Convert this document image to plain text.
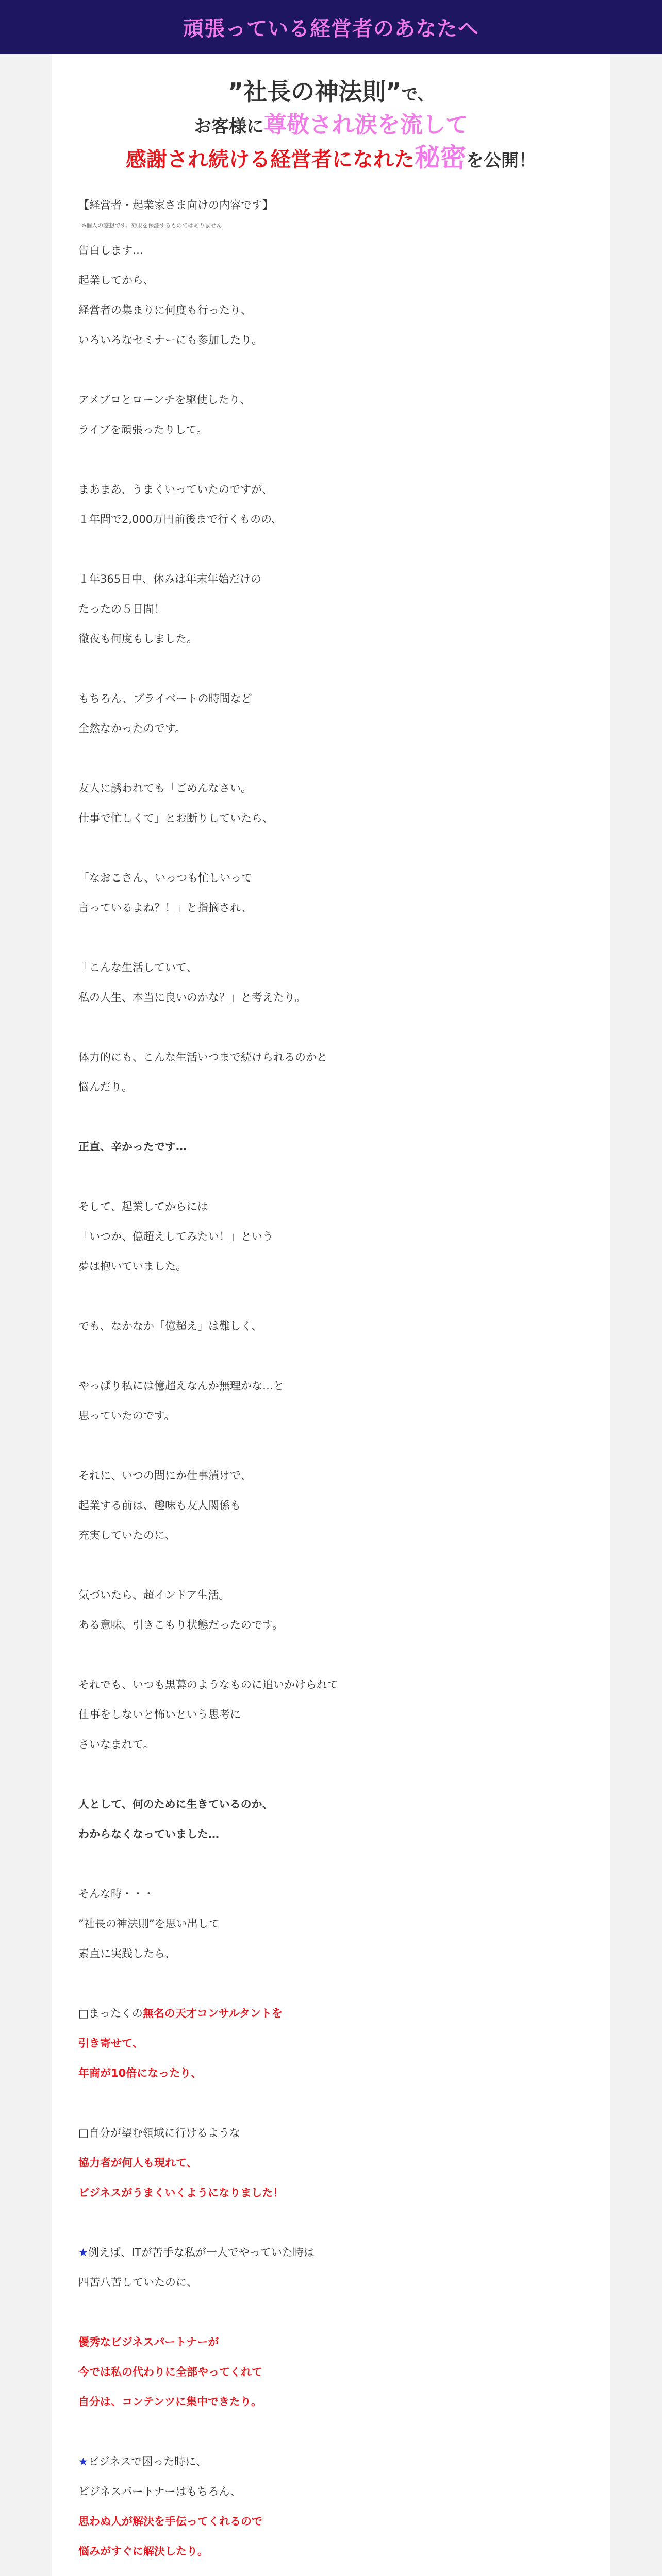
頑張っている経営者のあなたへ
”社長の神法則”で、
お客様に尊敬され涙を流して
感謝され続ける経営者になれた秘密を公開！
【経営者・起業家さま向けの内容です】
※個人の感想です。効果を保証するものではありません

告白します…

起業してから、

経営者の集まりに何度も行ったり、

いろいろなセミナーにも参加したり。

アメブロとローンチを駆使したり、

ライブを頑張ったりして。

まあまあ、うまくいっていたのですが、

１年間で2,000万円前後まで行くものの、

１年365日中、休みは年末年始だけの

たったの５日間！

徹夜も何度もしました。

もちろん、プライベートの時間など

全然なかったのです。

友人に誘われても「ごめんなさい。

仕事で忙しくて」とお断りしていたら、

「なおこさん、いっつも忙しいって

言っているよね？！」と指摘され、

「こんな生活していて、

私の人生、本当に良いのかな？」と考えたり。

体力的にも、こんな生活いつまで続けられるのかと

悩んだり。

正直、辛かったです…

そして、起業してからには

「いつか、億超えしてみたい！」という

夢は抱いていました。

でも、なかなか「億超え」は難しく、

やっぱり私には億超えなんか無理かな…と

思っていたのです。

それに、いつの間にか仕事漬けで、

起業する前は、趣味も友人関係も

充実していたのに、

気づいたら、超インドア生活。

ある意味、引きこもり状態だったのです。

それでも、いつも黒幕のようなものに追いかけられて

仕事をしないと怖いという思考に

さいなまれて。

人として、何のために生きているのか、

わからなくなっていました…

そんな時・・・

”社長の神法則”を思い出して

素直に実践したら、

□まったくの無名の天才コンサルタントを

引き寄せて、

年商が10倍になったり、

□自分が望む領域に行けるような

協力者が何人も現れて、

ビジネスがうまくいくようになりました！

★例えば、ITが苦手な私が一人でやっていた時は

四苦八苦していたのに、

優秀なビジネスパートナーが

今では私の代わりに全部やってくれて

自分は、コンテンツに集中できたり。

★ビジネスで困った時に、

ビジネスパートナーはもちろん、

思わぬ人が解決を手伝ってくれるので

悩みがすぐに解決したり。
